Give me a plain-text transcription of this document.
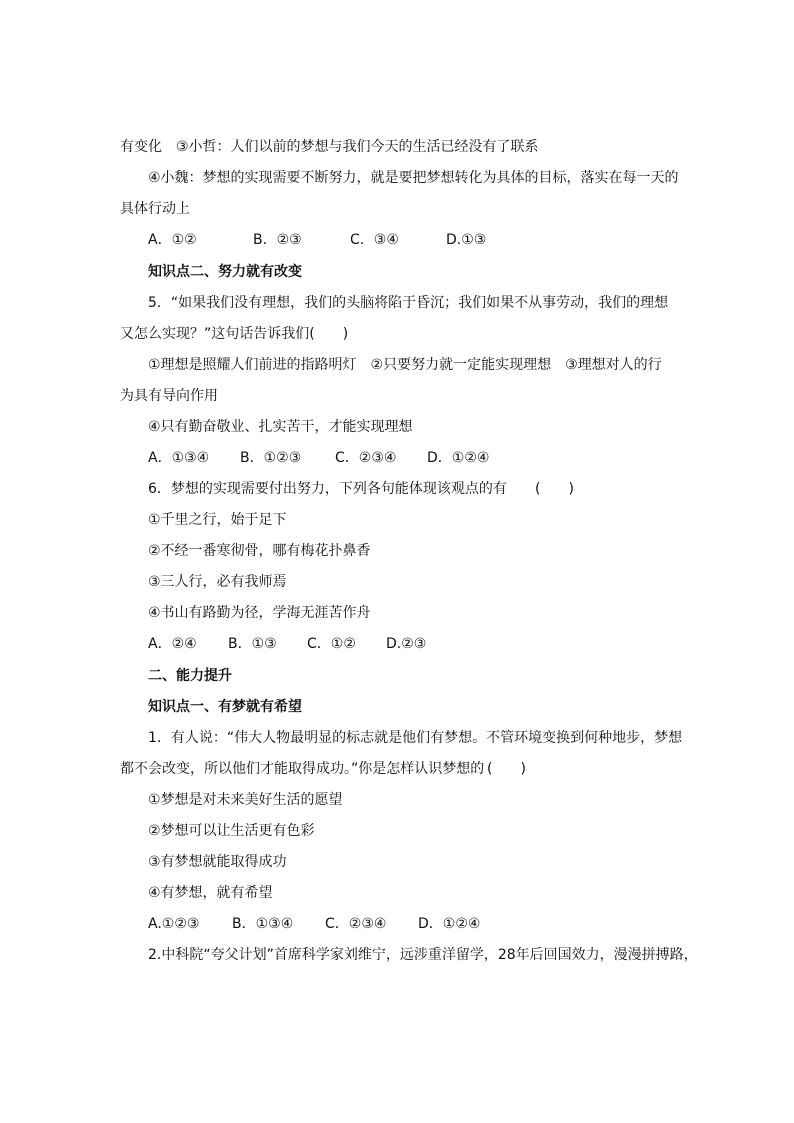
有变化　③小哲：人们以前的梦想与我们今天的生活已经没有了联系
④小魏：梦想的实现需要不断努力，就是要把梦想转化为具体的目标，落实在每一天的
具体行动上
A．①②	B．②③	C．③④	D.①③
知识点二、努力就有改变
5．“如果我们没有理想，我们的头脑将陷于昏沉；我们如果不从事劳动，我们的理想
又怎么实现？”这句话告诉我们(　　)
①理想是照耀人们前进的指路明灯　②只要努力就一定能实现理想　③理想对人的行
为具有导向作用
④只有勤奋敬业、扎实苦干，才能实现理想
A．①③④ B．①②③ C．②③④ D．①②④
6．梦想的实现需要付出努力，下列各句能体现该观点的有 (　　)
①千里之行，始于足下
②不经一番寒彻骨，哪有梅花扑鼻香
③三人行，必有我师焉
④书山有路勤为径，学海无涯苦作舟
A．②④ B．①③ C．①② D.②③
二、能力提升
知识点一、有梦就有希望
1．有人说：“伟大人物最明显的标志就是他们有梦想。不管环境变换到何种地步，梦想
都不会改变，所以他们才能取得成功。”你是怎样认识梦想的 (　　)
①梦想是对未来美好生活的愿望
②梦想可以让生活更有色彩
③有梦想就能取得成功
④有梦想，就有希望
A.①②③ B．①③④ C．②③④ D．①②④
2.中科院“夸父计划”首席科学家刘维宁，远涉重洋留学，28年后回国效力，漫漫拼搏路，
